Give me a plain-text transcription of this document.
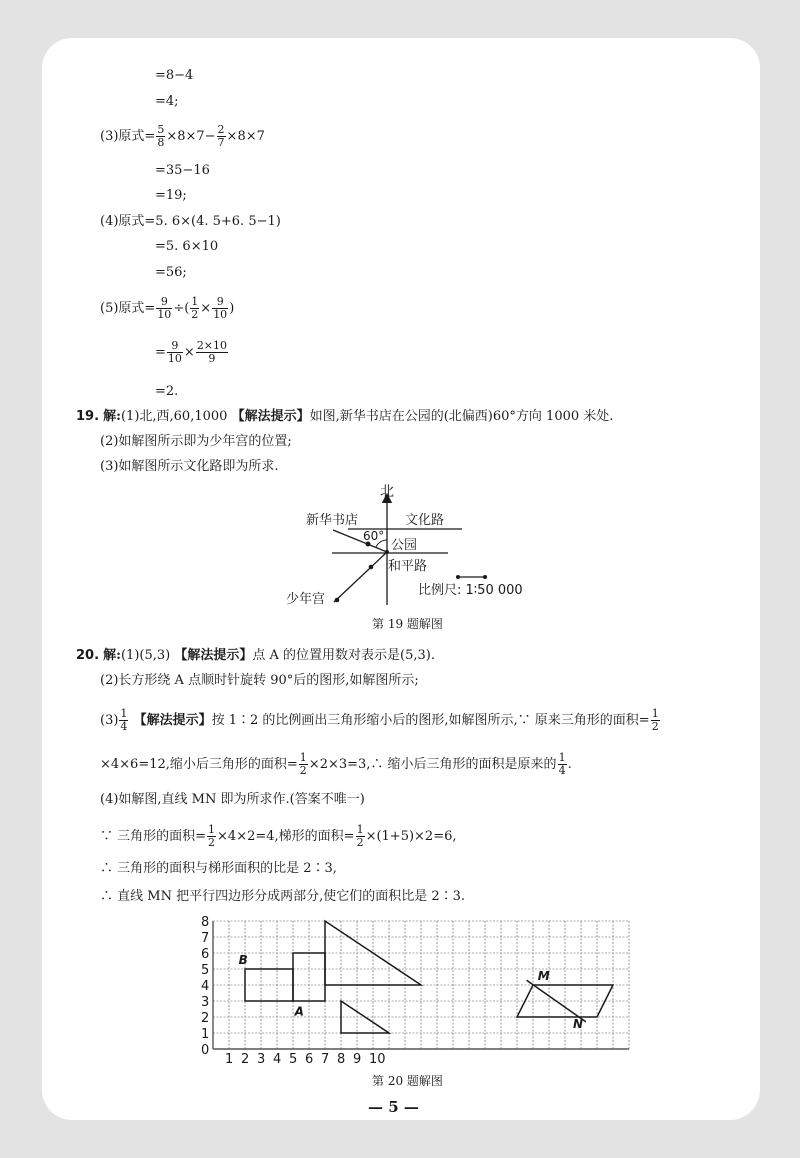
=8−4
=4;
(3)原式= $\frac{5}{8} \times 8\times 7- \frac{2}{7} \times 8\times 7$
=35−16
=19;
(4)原式=5. 6×(4. 5+6. 5−1)
=5. 6×10
=56;
(5)原式= $\frac{9}{10}$ ÷( $\frac{1}{2} \times \frac{9}{10}$ )
= $\frac{9}{10} \times \frac{2\times 10}{9}$
=2.
19. 解:(1)北,西,60,1000 【解法提示】如图,新华书店在公园的(北偏西)60°方向 1000 米处.
(2)如解图所示即为少年宫的位置;
(3)如解图所示文化路即为所求.
北
新华书店	文化路
60°
公园
和平路
少年宫
比例尺: 1∶50 000
第 19 题解图
20. 解:(1)(5,3) 【解法提示】点 A 的位置用数对表示是(5,3).
(2)长方形绕 A 点顺时针旋转 90°后的图形,如解图所示;
$(3) \frac{1}{4}$ 【解法提示】按 1∶2 的比例画出三角形缩小后的图形,如解图所示,∵ 原来三角形的面积= $\frac{1}{2}$
×4×6=12,缩小后三角形的面积= $\frac{1}{2}$ ×2×3=3,∴ 缩小后三角形的面积是原来的 $\frac{1}{4}$ .
(4)如解图,直线 MN 即为所求作.(答案不唯一)
∵ 三角形的面积= $\frac{1}{2} \times 4\times 2=4$,梯形的面积= $\frac{1}{2} \times(1+5)\times 2=6$,
∴ 三角形的面积与梯形面积的比是 2∶3,
∴ 直线 MN 把平行四边形分成两部分,使它们的面积比是 2∶3.
0
1
2
3
4
5
6
7
8
1 2 3 4 5 6 7 8 9 10
B
A
M
N
第 20 题解图
— 5 —
